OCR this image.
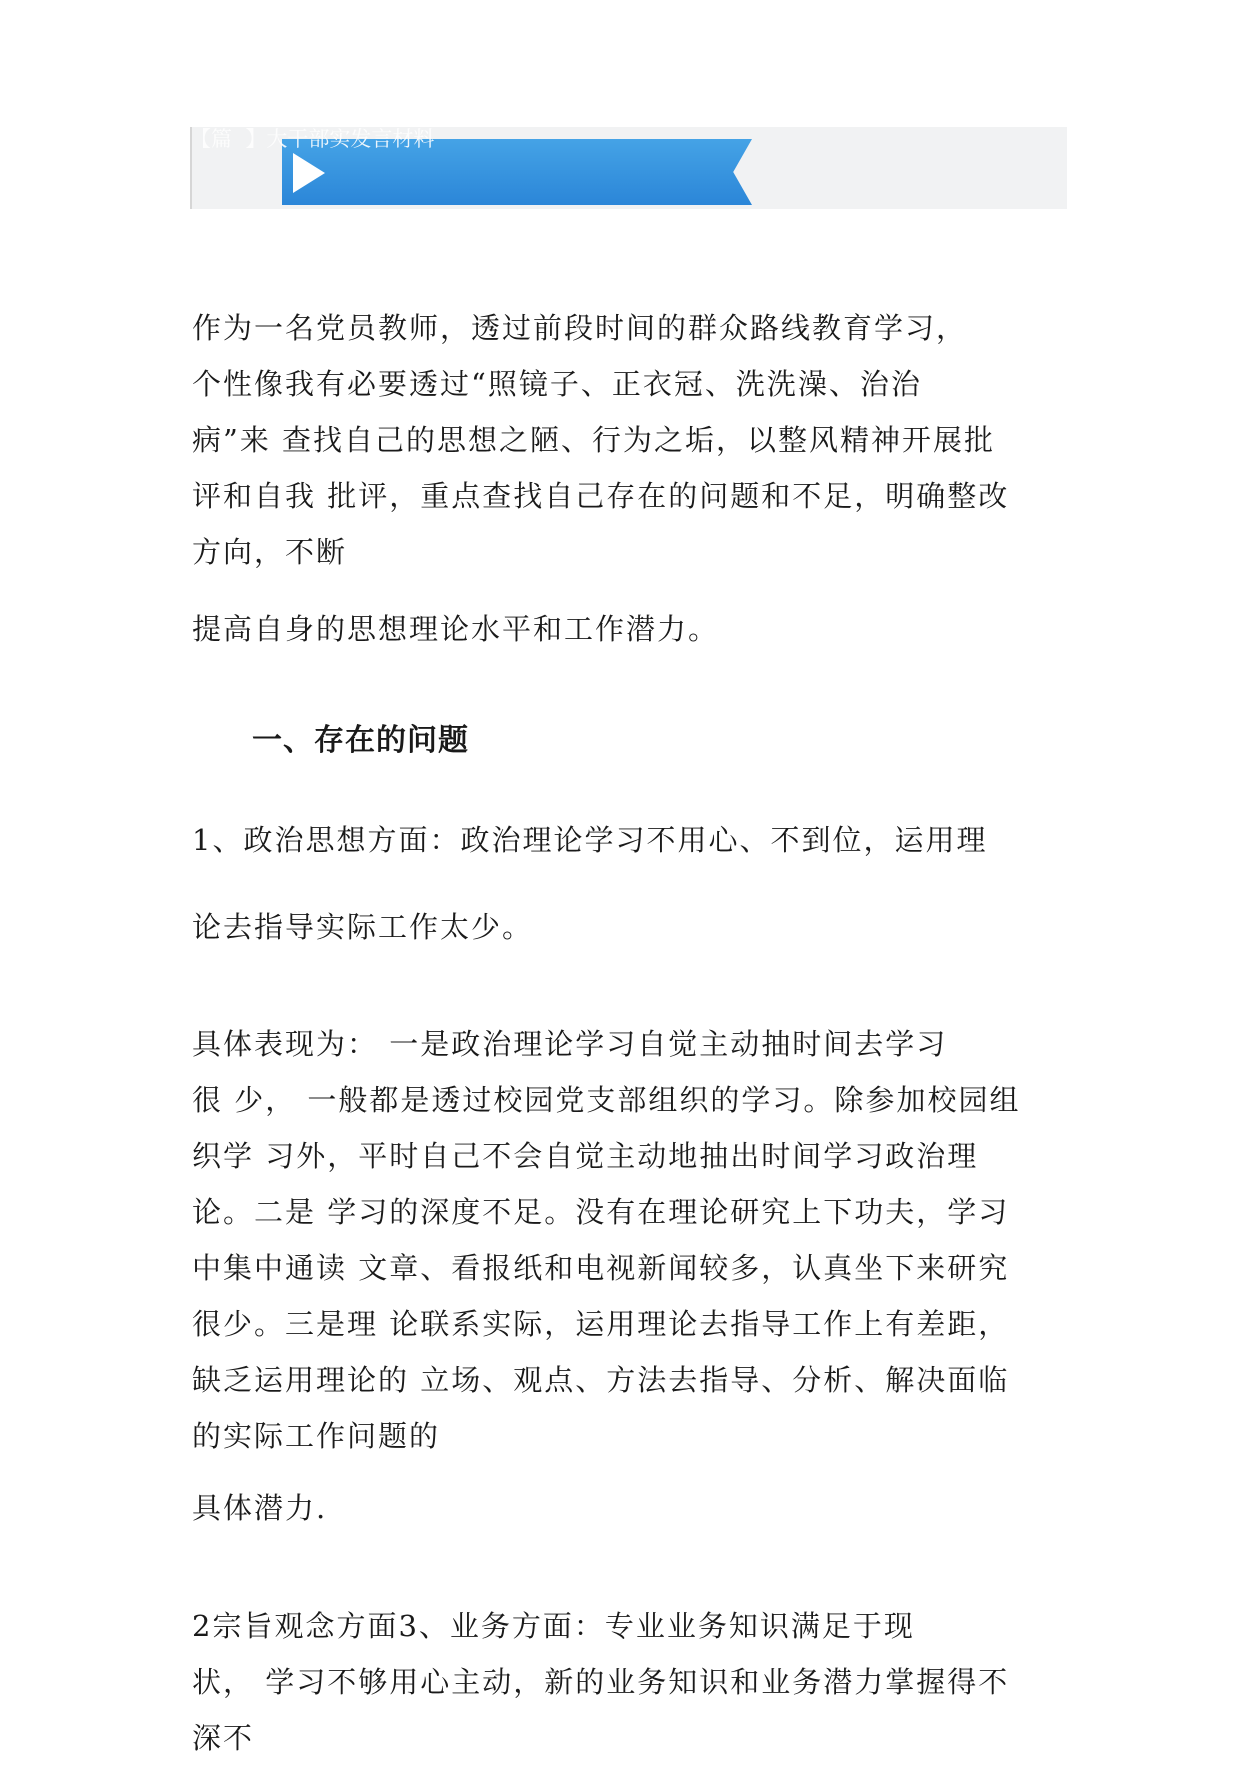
【篇  】大干部实发言材料
作为一名党员教师，透过前段时间的群众路线教育学习，
个性像我有必要透过“照镜子、正衣冠、洗洗澡、治治
病”来 查找自己的思想之陋、行为之垢，以整风精神开展批
评和自我 批评，重点查找自己存在的问题和不足，明确整改
方向，不断
提高自身的思想理论水平和工作潜力。
一、存在的问题
1、政治思想方面：政治理论学习不用心、不到位，运用理
论去指导实际工作太少。
具体表现为： 一是政治理论学习自觉主动抽时间去学习
很 少， 一般都是透过校园党支部组织的学习。除参加校园组
织学 习外，平时自己不会自觉主动地抽出时间学习政治理
论。二是 学习的深度不足。没有在理论研究上下功夫，学习
中集中通读 文章、看报纸和电视新闻较多，认真坐下来研究
很少。三是理 论联系实际，运用理论去指导工作上有差距，
缺乏运用理论的 立场、观点、方法去指导、分析、解决面临
的实际工作问题的
具体潜力.
2宗旨观念方面3、业务方面：专业业务知识满足于现
状， 学习不够用心主动，新的业务知识和业务潜力掌握得不
深不
